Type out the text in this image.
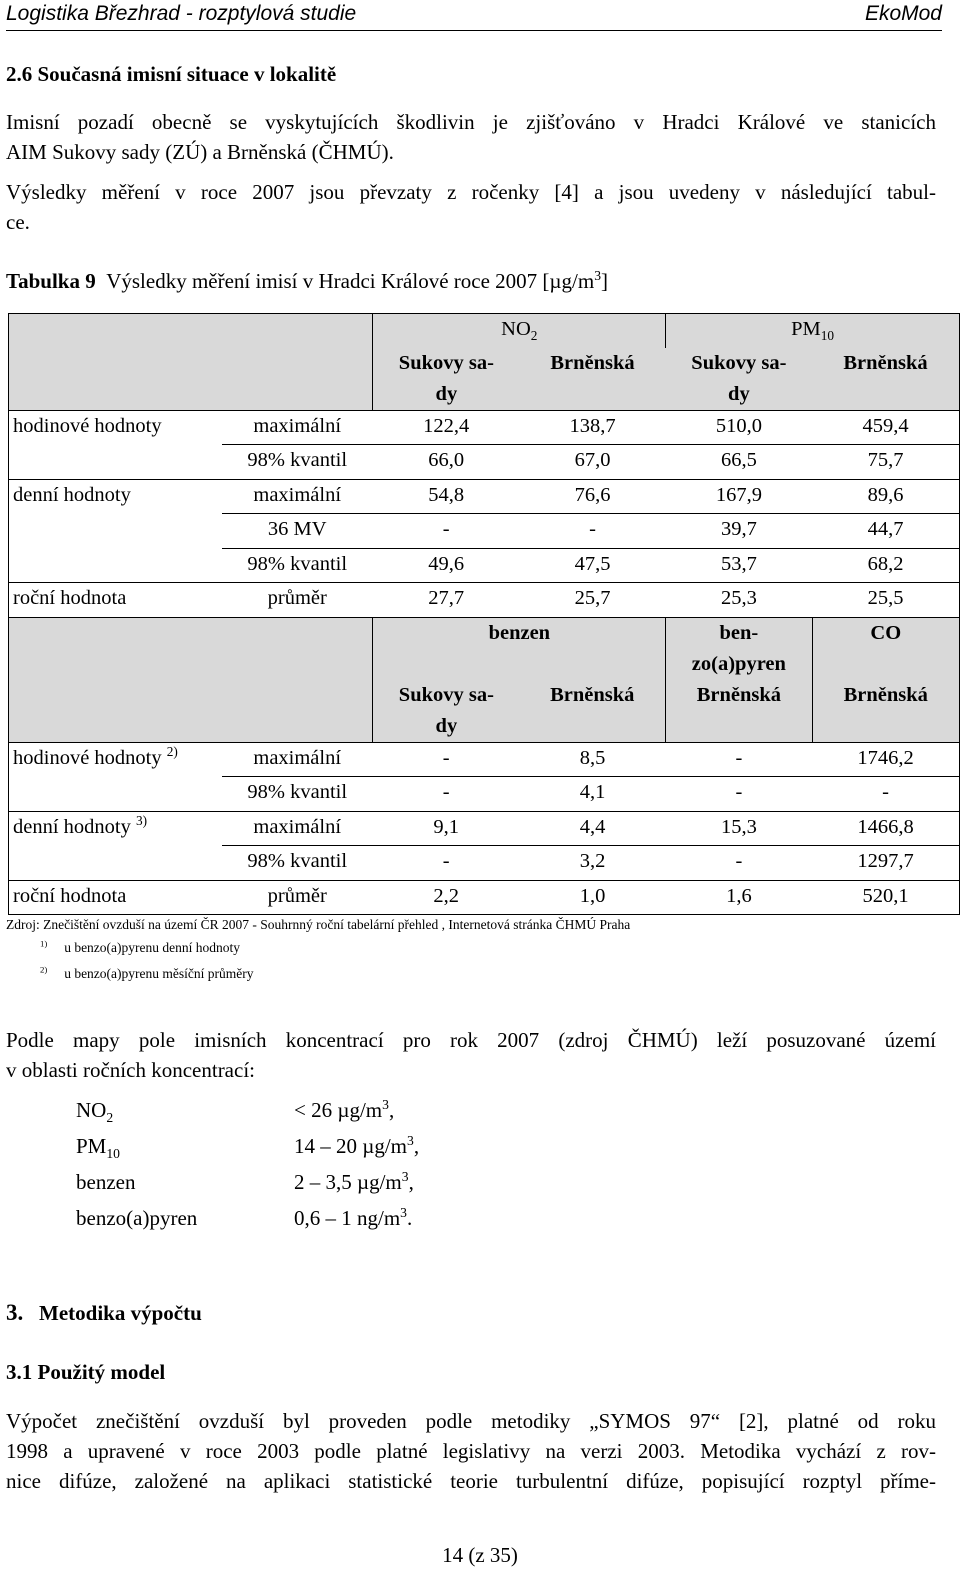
Logistika Březhrad - rozptylová studie	EkoMod
2.6 Současná imisní situace v lokalitě
Imisní pozadí obecně se vyskytujících škodlivin je zjišťováno v Hradci Králové ve stanicích
AIM Sukovy sady (ZÚ) a Brněnská (ČHMÚ).
Výsledky měření v roce 2007 jsou převzaty z ročenky [4] a jsou uvedeny v následující tabul-
ce.
Tabulka 9 Výsledky měření imisí v Hradci Králové roce 2007 $[\mu g/m^3]$
		$NO_2$		$PM_{10}$
		Sukovy sa-
dy	Brněnská	Sukovy sa-
dy	Brněnská

hodinové hodnoty	maximální	122,4	138,7	510,0	459,4
	98% kvantil	66,0	67,0	66,5	75,7
denní hodnoty	maximální	54,8	76,6	167,9	89,6
	36 MV	-	-	39,7	44,7
	98% kvantil	49,6	47,5	53,7	68,2
roční hodnota	průměr	27,7	25,7	25,3	25,5
		benzen		ben-
zo(a)pyren	CO

		Sukovy sa-
dy	Brněnská	Brněnská	Brněnská

hodinové hodnoty $^{2)}$	maximální	-	8,5	-	1746,2
	98% kvantil	-	4,1	-	-
denní hodnoty $^{3)}$	maximální	9,1	4,4	15,3	1466,8
	98% kvantil	-	3,2	-	1297,7
roční hodnota	průměr	2,2	1,0	1,6	520,1
Zdroj: Znečištění ovzduší na území ČR 2007 - Souhrnný roční tabelární přehled , Internetová stránka ČHMÚ Praha
$^{1)}$ u benzo(a)pyrenu denní hodnoty
$^{2)}$ u benzo(a)pyrenu měsíční průměry
Podle mapy pole imisních koncentrací pro rok 2007 (zdroj ČHMÚ) leží posuzované území
v oblasti ročních koncentrací:
$NO_2$	< 26 $\mu g/m^3$,
$PM_{10}$	14 – 20 $\mu g/m^3$,
benzen	2 – 3,5 $\mu g/m^3$,
benzo(a)pyren	0,6 – 1 $ng/m^3$.
3. Metodika výpočtu
3.1 Použitý model
Výpočet znečištění ovzduší byl proveden podle metodiky „SYMOS 97“ [2], platné od roku
1998 a upravené v roce 2003 podle platné legislativy na verzi 2003. Metodika vychází z rov-
nice difúze, založené na aplikaci statistické teorie turbulentní difúze, popisující rozptyl příme-
14 (z 35)
